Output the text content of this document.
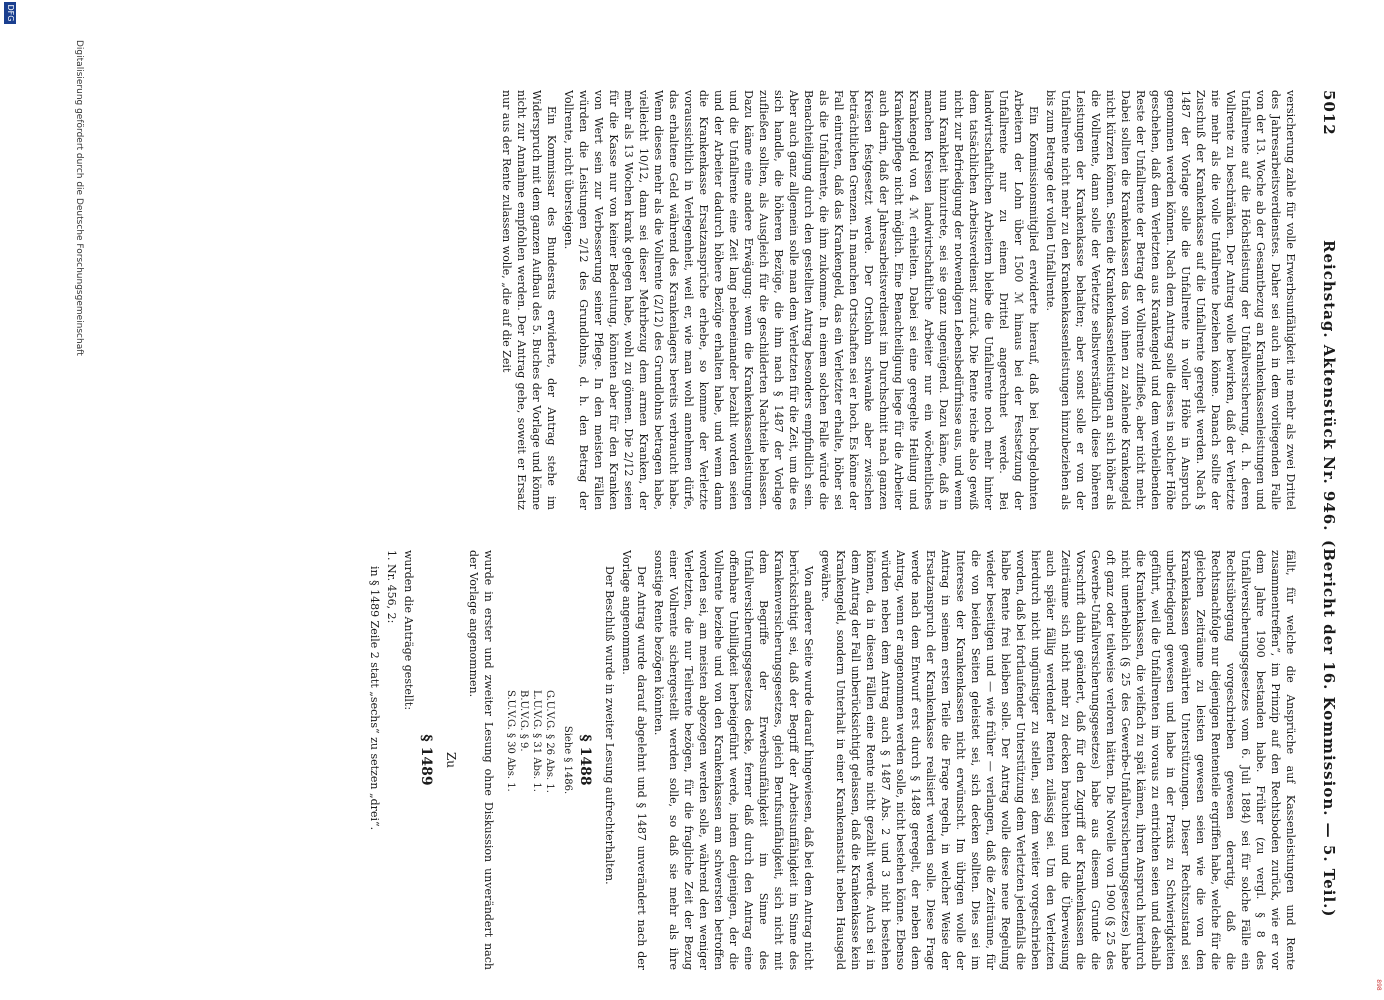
898
5012
Reichstag. Aktenstück Nr. 946.
(Bericht der 16. Kommission. — 5. Teil.)

versicherung zahle für volle Erwerbsunfähigkeit nie mehr als zwei Drittel des Jahresarbeitsverdienstes. Daher sei auch in dem vorliegenden Falle von der 13. Woche ab der Gesamtbezug an Krankenkassenleistungen und Unfallrente auf die Höchstleistung der Unfallversicherung, d. h. deren Vollrente zu beschränken. Der Antrag wolle bewirken, daß der Verletzte nie mehr als die volle Unfallrente beziehen könne. Danach sollte der Zuschuß der Krankenkasse auf die Unfallrente geregelt werden. Nach § 1487 der Vorlage solle die Unfallrente in voller Höhe in Anspruch genommen werden können. Nach dem Antrag solle dieses in solcher Höhe geschehen, daß dem Verletzten aus Krankengeld und dem verbleibenden Reste der Unfallrente der Betrag der Vollrente zufließe, aber nicht mehr. Dabei sollten die Krankenkassen das von ihnen zu zahlende Krankengeld nicht kürzen können. Seien die Krankenkassenleistungen an sich höher als die Vollrente, dann solle der Verletzte selbstverständlich diese höheren Leistungen der Krankenkasse behalten; aber sonst solle er von der Unfallrente nicht mehr zu den Krankenkassenleistungen hinzubeziehen als bis zum Betrage der vollen Unfallrente.

Ein Kommissionsmitglied erwiderte hierauf, daß bei hochgelohnten Arbeitern der Lohn über 1500 ℳ hinaus bei der Festsetzung der Unfallrente nur zu einem Drittel angerechnet werde. Bei landwirtschaftlichen Arbeitern bleibe die Unfallrente noch mehr hinter dem tatsächlichen Arbeitsverdienst zurück. Die Rente reiche also gewiß nicht zur Befriedigung der notwendigen Lebensbedürfnisse aus, und wenn nun Krankheit hinzutrete, sei sie ganz ungenügend. Dazu käme, daß in manchen Kreisen landwirtschaftliche Arbeiter nur ein wöchentliches Krankengeld von 4 ℳ erhielten. Dabei sei eine geregelte Heilung und Krankenpflege nicht möglich. Eine Benachteiligung liege für die Arbeiter auch darin, daß der Jahresarbeitsverdienst im Durchschnitt nach ganzen Kreisen festgesetzt werde. Der Ortslohn schwanke aber zwischen beträchtlichen Grenzen. In manchen Ortschaften sei er hoch. Es könne der Fall eintreten, daß das Krankengeld, das ein Verletzter erhalte, höher sei als die Unfallrente, die ihm zukomme. In einem solchen Falle würde die Benachteiligung durch den gestellten Antrag besonders empfindlich sein. Aber auch ganz allgemein solle man dem Verletzten für die Zeit, um die es sich handle, die höheren Bezüge, die ihm nach § 1487 der Vorlage zufließen sollten, als Ausgleich für die geschilderten Nachteile belassen. Dazu käme eine andere Erwägung: wenn die Krankenkassenleistungen und die Unfallrente eine Zeit lang nebeneinander bezahlt worden seien und der Arbeiter dadurch höhere Bezüge erhalten habe, und wenn dann die Krankenkasse Ersatzansprüche erhebe, so komme der Verletzte voraussichtlich in Verlegenheit, weil er, wie man wohl annehmen dürfe, das erhaltene Geld während des Krankenlagers bereits verbraucht habe. Wenn dieses mehr als die Vollrente (2/12) des Grundlohns betragen habe, vielleicht 10/12, dann sei dieser Mehrbezug dem armen Kranken, der mehr als 13 Wochen krank gelegen habe, wohl zu gönnen. Die 2/12 seien für die Kasse nur von keiner Bedeutung, könnten aber für den Kranken von Wert sein zur Verbesserung seiner Pflege. In den meisten Fällen würden die Leistungen 2/12 des Grundlohns, d. h. den Betrag der Vollrente, nicht übersteigen.

Ein Kommissar des Bundesrats erwiderte, der Antrag stehe im Widerspruch mit dem ganzen Aufbau des 5. Buches der Vorlage und könne nicht zur Annahme empfohlen werden. Der Antrag gehe, soweit er Ersatz nur aus der Rente zulassen wolle, „die auf die Zeit

fällt, für welche die Ansprüche auf Kassenleistungen und Rente zusammentreffen“, im Prinzip auf den Rechtsboden zurück, wie er vor dem Jahre 1900 bestanden habe. Früher (zu vergl. § 8 des Unfallversicherungsgesetzes vom 6. Juli 1884) sei für solche Fälle ein Rechtsübergang vorgeschrieben gewesen derartig, daß die Rechtsnachfolge nur diejenigen Rententeile ergriffen habe, welche für die gleichen Zeiträume zu leisten gewesen seien wie die von den Krankenkassen gewährten Unterstützungen. Dieser Rechtszustand sei unbefriedigend gewesen und habe in der Praxis zu Schwierigkeiten geführt, weil die Unfallrenten im voraus zu entrichten seien und deshalb die Krankenkassen, die vielfach zu spät kämen, ihren Anspruch hierdurch nicht unerheblich (§ 25 des Gewerbe-Unfallversicherungsgesetzes) habe oft ganz oder teilweise verloren hätten. Die Novelle von 1900 (§ 25 des Gewerbe-Unfallversicherungsgesetzes) habe aus diesem Grunde die Vorschrift dahin geändert, daß für den Zugriff der Krankenkassen die Zeiträume sich nicht mehr zu decken brauchten und die Überweisung auch später fällig werdender Renten zulässig sei. Um den Verletzten hierdurch nicht ungünstiger zu stellen, sei dem weiter vorgeschrieben worden, daß bei fortlaufender Unterstützung dem Verletzten jedenfalls die halbe Rente frei bleiben solle. Der Antrag wolle diese neue Regelung wieder beseitigen und — wie früher — verlangen, daß die Zeiträume, für die von beiden Seiten geleistet sei, sich decken sollten. Dies sei im Interesse der Krankenkassen nicht erwünscht. Im übrigen wolle der Antrag in seinem ersten Teile die Frage regeln, in welcher Weise der Ersatzanspruch der Krankenkasse realisiert werden solle. Diese Frage werde nach dem Entwurf erst durch § 1488 geregelt, der neben dem Antrag, wenn er angenommen werden solle, nicht bestehen könne. Ebenso würden neben dem Antrag auch § 1487 Abs. 2 und 3 nicht bestehen können, da in diesen Fällen eine Rente nicht gezahlt werde. Auch sei in dem Antrag der Fall unberücksichtigt gelassen, daß die Krankenkasse kein Krankengeld, sondern Unterhalt in einer Krankenanstalt neben Hausgeld gewähre.

Von anderer Seite wurde darauf hingewiesen, daß bei dem Antrag nicht berücksichtigt sei, daß der Begriff der Arbeitsunfähigkeit im Sinne des Krankenversicherungsgesetzes, gleich Berufsunfähigkeit, sich nicht mit dem Begriffe der Erwerbsunfähigkeit im Sinne des Unfallversicherungsgesetzes decke, ferner daß durch den Antrag eine offenbare Unbilligkeit herbeigeführt werde, indem denjenigen, der die Vollrente beziehe und von den Krankenkassen am schwersten betroffen worden sei, am meisten abgezogen werden solle, während den weniger Verletzten, die nur Teilrente bezögen, für die fragliche Zeit der Bezug einer Vollrente sichergestellt werden solle, so daß sie mehr als ihre sonstige Rente bezögen könnten.

Der Antrag wurde darauf abgelehnt und § 1487 unverändert nach der Vorlage angenommen.

Der Beschluß wurde in zweiter Lesung aufrechterhalten.

§ 1488
Siehe § 1486.
G.U.V.G. § 26 Abs. 1.
L.U.V.G. § 31 Abs. 1.
B.U.V.G. § 9.
S.U.V.G. § 30 Abs. 1.

wurde in erster und zweiter Lesung ohne Diskussion unverändert nach der Vorlage angenommen.

Zu
§ 1489

wurden die Anträge gestellt:

1. Nr. 456, 2:

in § 1489 Zeile 2 statt „sechs“ zu setzen „drei“.

Digitalisierung gefördert durch die Deutsche Forschungsgemeinschaft
DFG
